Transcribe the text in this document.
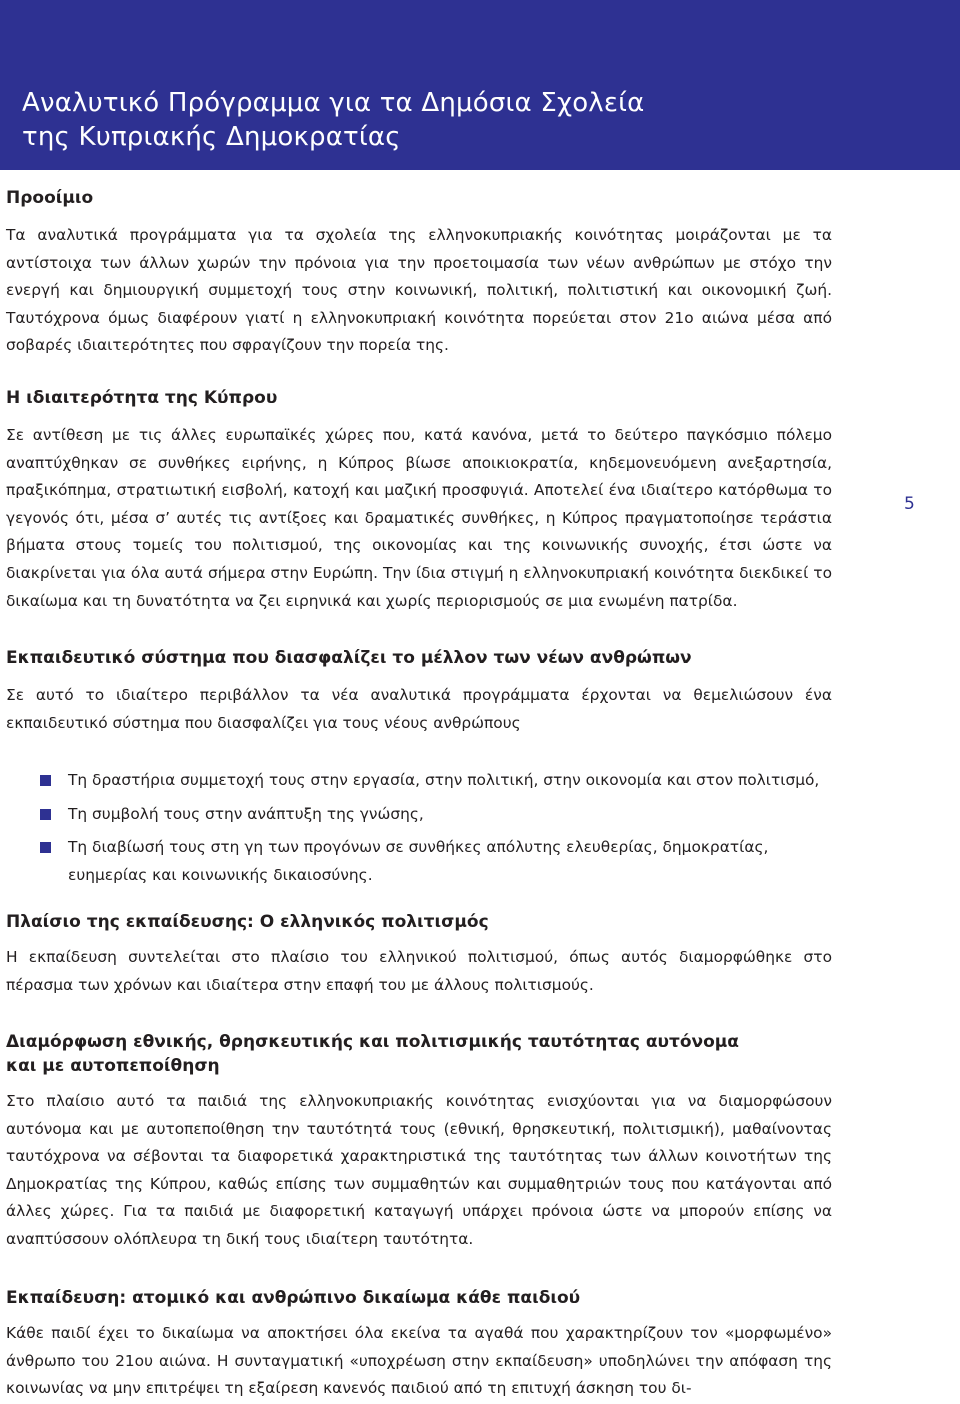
Αναλυτικό Πρόγραμμα για τα Δημόσια Σχολεία
της Κυπριακής Δημοκρατίας
5
Προοίμιο

Τα αναλυτικά προγράμματα για τα σχολεία της ελληνοκυπριακής κοινότητας μοιράζονται με τα αντίστοιχα των άλλων χωρών την πρόνοια για την προετοιμασία των νέων ανθρώπων με στόχο την ενεργή και δημιουργική συμμετοχή τους στην κοινωνική, πολιτική, πολιτιστική και οικονομική ζωή. Ταυτόχρονα όμως διαφέρουν γιατί η ελληνοκυπριακή κοινότητα πορεύεται στον 21ο αιώνα μέσα από σοβαρές ιδιαιτερότητες που σφραγίζουν την πορεία της.

Η ιδιαιτερότητα της Κύπρου

Σε αντίθεση με τις άλλες ευρωπαϊκές χώρες που, κατά κανόνα, μετά το δεύτερο παγκόσμιο πόλεμο αναπτύχθηκαν σε συνθήκες ειρήνης, η Κύπρος βίωσε αποικιοκρατία, κηδεμονευόμενη ανεξαρτησία, πραξικόπημα, στρατιωτική εισβολή, κατοχή και μαζική προσφυγιά. Αποτελεί ένα ιδιαίτερο κατόρθωμα το γεγονός ότι, μέσα σ’ αυτές τις αντίξοες και δραματικές συνθήκες, η Κύπρος πραγματοποίησε τεράστια βήματα στους τομείς του πολιτισμού, της οικονομίας και της κοινωνικής συνοχής, έτσι ώστε να διακρίνεται για όλα αυτά σήμερα στην Ευρώπη. Την ίδια στιγμή η ελληνοκυπριακή κοινότητα διεκδικεί το δικαίωμα και τη δυνατότητα να ζει ειρηνικά και χωρίς περιορισμούς σε μια ενωμένη πατρίδα.

Εκπαιδευτικό σύστημα που διασφαλίζει το μέλλον των νέων ανθρώπων

Σε αυτό το ιδιαίτερο περιβάλλον τα νέα αναλυτικά προγράμματα έρχονται να θεμελιώσουν ένα εκπαιδευτικό σύστημα που διασφαλίζει για τους νέους ανθρώπους

Τη δραστήρια συμμετοχή τους στην εργασία, στην πολιτική, στην οικονομία και στον πολιτισμό,
Τη συμβολή τους στην ανάπτυξη της γνώσης,
Τη διαβίωσή τους στη γη των προγόνων σε συνθήκες απόλυτης ελευθερίας, δημοκρατίας, ευημερίας και κοινωνικής δικαιοσύνης.
Πλαίσιο της εκπαίδευσης: Ο ελληνικός πολιτισμός

Η εκπαίδευση συντελείται στο πλαίσιο του ελληνικού πολιτισμού, όπως αυτός διαμορφώθηκε στο πέρασμα των χρόνων και ιδιαίτερα στην επαφή του με άλλους πολιτισμούς.

Διαμόρφωση εθνικής, θρησκευτικής και πολιτισμικής ταυτότητας αυτόνομα
και με αυτοπεποίθηση

Στο πλαίσιο αυτό τα παιδιά της ελληνοκυπριακής κοινότητας ενισχύονται για να διαμορφώσουν αυτόνομα και με αυτοπεποίθηση την ταυτότητά τους (εθνική, θρησκευτική, πολιτισμική), μαθαίνοντας ταυτόχρονα να σέβονται τα διαφορετικά χαρακτηριστικά της ταυτότητας των άλλων κοινοτήτων της Δημοκρατίας της Κύπρου, καθώς επίσης των συμμαθητών και συμμαθητριών τους που κατάγονται από άλλες χώρες. Για τα παιδιά με διαφορετική καταγωγή υπάρχει πρόνοια ώστε να μπορούν επίσης να αναπτύσσουν ολόπλευρα τη δική τους ιδιαίτερη ταυτότητα.

Εκπαίδευση: ατομικό και ανθρώπινο δικαίωμα κάθε παιδιού

Κάθε παιδί έχει το δικαίωμα να αποκτήσει όλα εκείνα τα αγαθά που χαρακτηρίζουν τον «μορφωμένο» άνθρωπο του 21ου αιώνα. Η συνταγματική «υποχρέωση στην εκπαίδευση» υποδηλώνει την απόφαση της κοινωνίας να μην επιτρέψει τη εξαίρεση κανενός παιδιού από τη επιτυχή άσκηση του δι-
